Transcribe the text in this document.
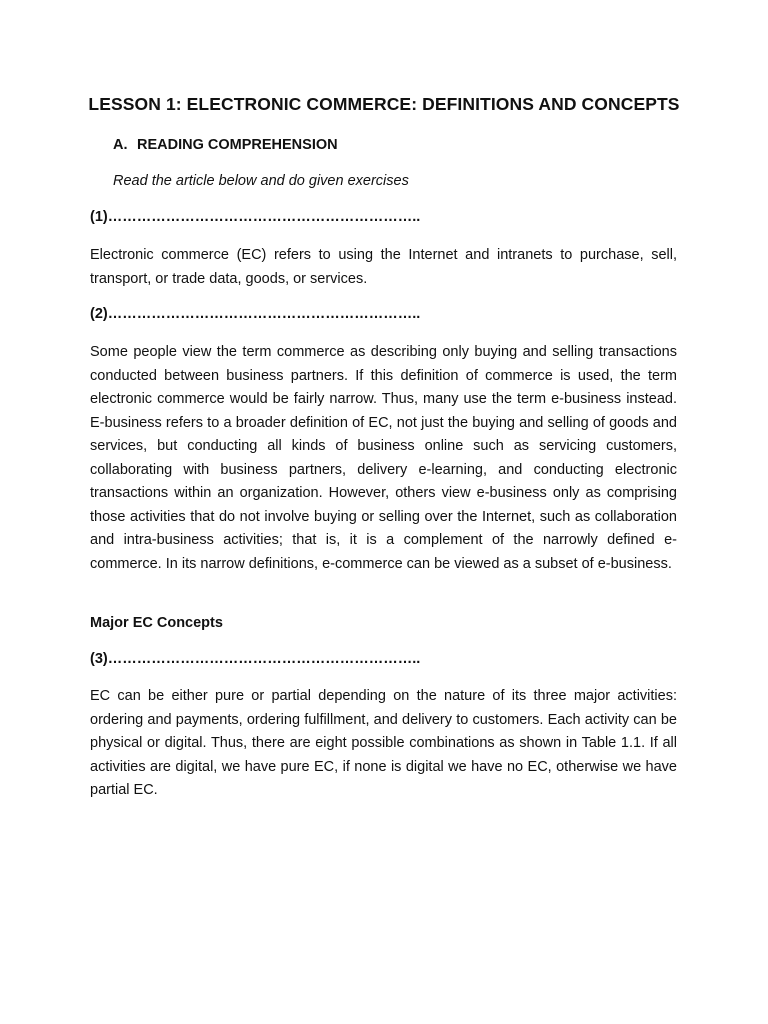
LESSON 1: ELECTRONIC COMMERCE: DEFINITIONS AND CONCEPTS
A. READING COMPREHENSION
Read the article below and do given exercises
(1)………………………………………………………..
Electronic commerce (EC) refers to using the Internet and intranets to purchase, sell, transport, or trade data, goods, or services.
(2)………………………………………………………..
Some people view the term commerce as describing only buying and selling transactions conducted between business partners. If this definition of commerce is used, the term electronic commerce would be fairly narrow. Thus, many use the term e-business instead. E-business refers to a broader definition of EC, not just the buying and selling of goods and services, but conducting all kinds of business online such as servicing customers, collaborating with business partners, delivery e-learning, and conducting electronic transactions within an organization. However, others view e-business only as comprising those activities that do not involve buying or selling over the Internet, such as collaboration and intra-business activities; that is, it is a complement of the narrowly defined e-commerce. In its narrow definitions, e-commerce can be viewed as a subset of e-business.
Major EC Concepts
(3)………………………………………………………..
EC can be either pure or partial depending on the nature of its three major activities: ordering and payments, ordering fulfillment, and delivery to customers. Each activity can be physical or digital. Thus, there are eight possible combinations as shown in Table 1.1. If all activities are digital, we have pure EC, if none is digital we have no EC, otherwise we have partial EC.
